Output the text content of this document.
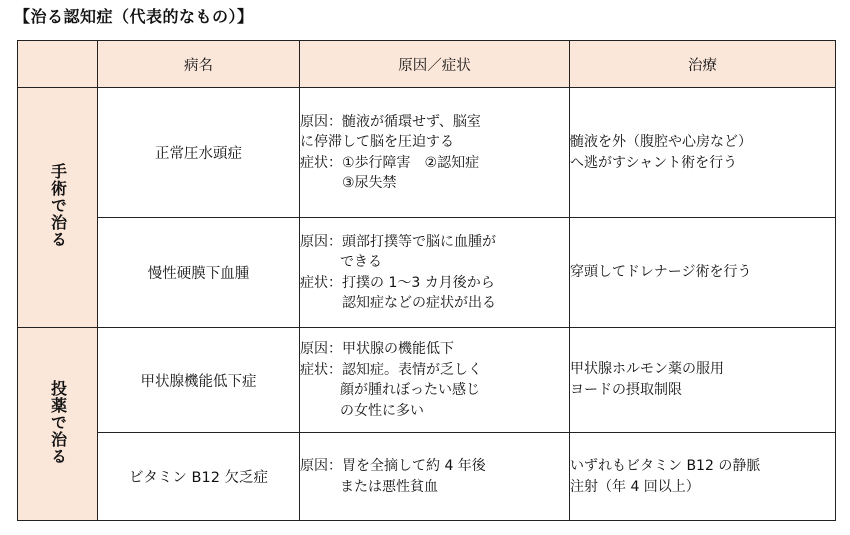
【治る認知症（代表的なもの）】
	病名	原因／症状	治療
手術で治る	正常圧水頭症	原因：髄液が循環せず、脳室
に停滞して脳を圧迫する
症状：①歩行障害　②認知症
③尿失禁	髄液を外（腹腔や心房など）
へ逃がすシャント術を行う

	慢性硬膜下血腫	原因：頭部打撲等で脳に血腫が
できる
症状：打撲の 1～3 カ月後から
認知症などの症状が出る	穿頭してドレナージ術を行う

投薬で治る	甲状腺機能低下症	原因：甲状腺の機能低下
症状：認知症。表情が乏しく
顔が腫れぼったい感じ
の女性に多い	甲状腺ホルモン薬の服用
ヨードの摂取制限

	ビタミン B12 欠乏症	原因：胃を全摘して約 4 年後
または悪性貧血	いずれもビタミン B12 の静脈
注射（年 4 回以上）
